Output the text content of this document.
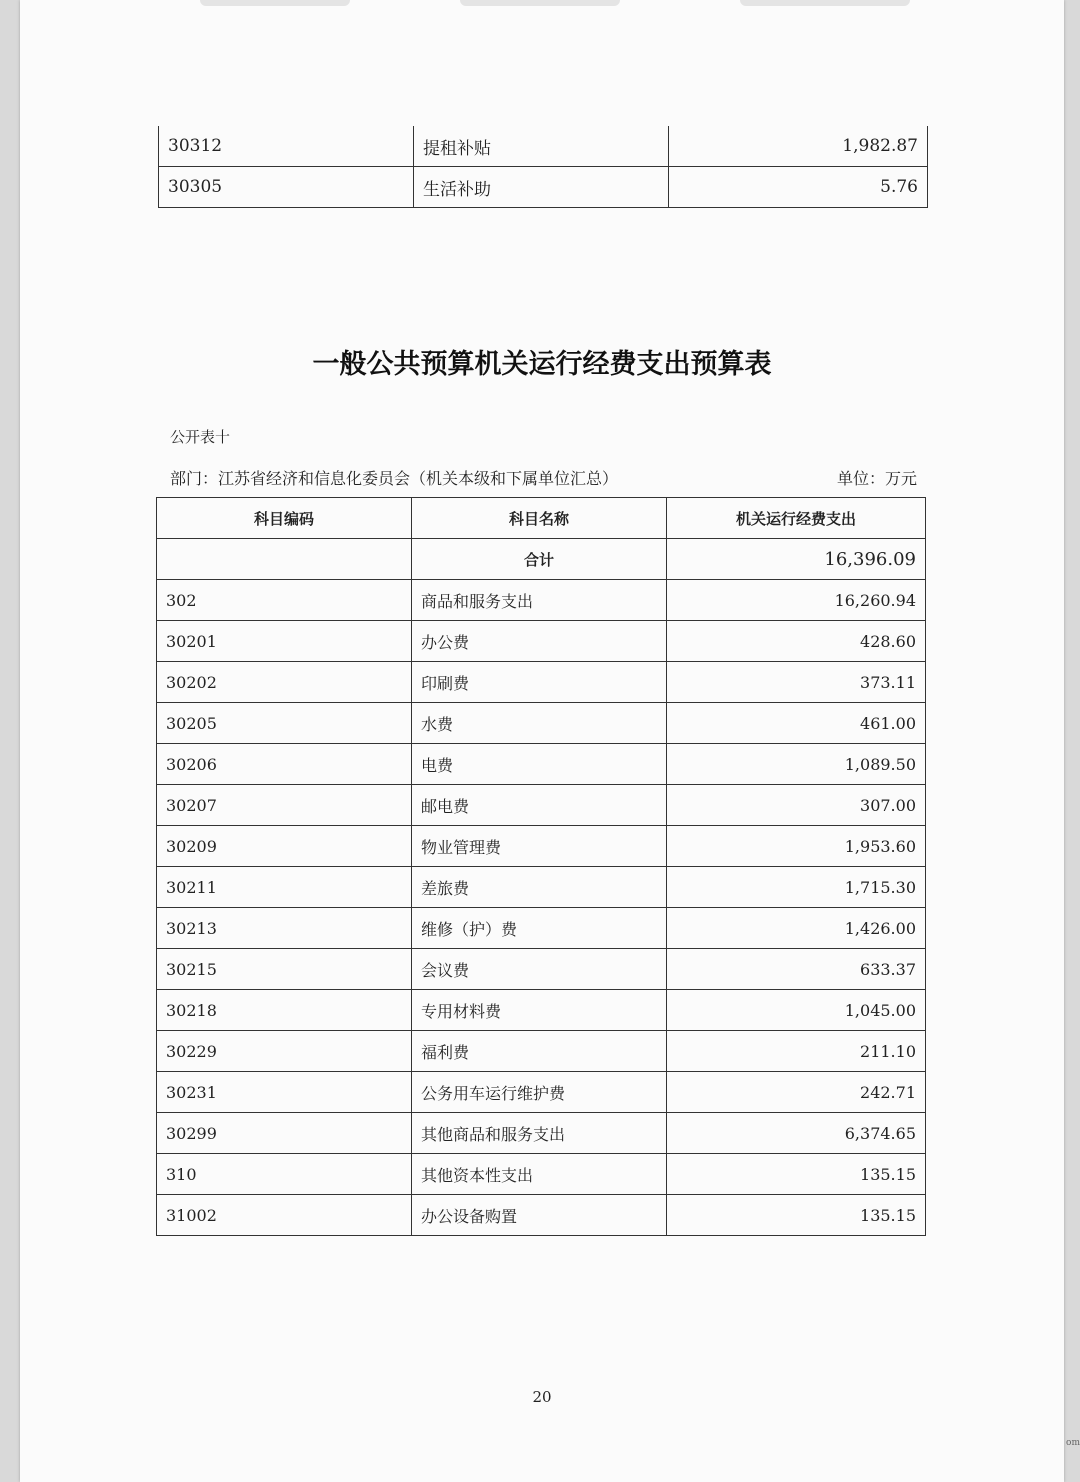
30312	提租补贴	1,982.87
30305	生活补助	5.76
一般公共预算机关运行经费支出预算表
公开表十
部门：江苏省经济和信息化委员会（机关本级和下属单位汇总）	单位：万元
科目编码	科目名称	机关运行经费支出
	合计	16,396.09
302	商品和服务支出	16,260.94
30201	办公费	428.60
30202	印刷费	373.11
30205	水费	461.00
30206	电费	1,089.50
30207	邮电费	307.00
30209	物业管理费	1,953.60
30211	差旅费	1,715.30
30213	维修（护）费	1,426.00
30215	会议费	633.37
30218	专用材料费	1,045.00
30229	福利费	211.10
30231	公务用车运行维护费	242.71
30299	其他商品和服务支出	6,374.65
310	其他资本性支出	135.15
31002	办公设备购置	135.15
20
om
